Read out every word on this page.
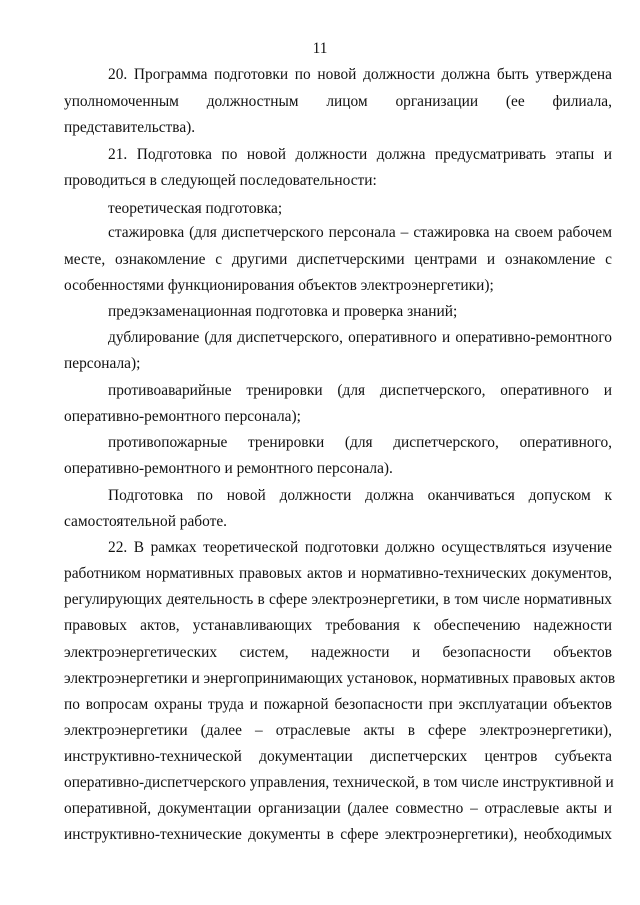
11
20. Программа подготовки по новой должности должна быть утверждена
уполномоченным должностным лицом организации (ее филиала,
представительства).
21. Подготовка по новой должности должна предусматривать этапы и
проводиться в следующей последовательности:
теоретическая подготовка;
стажировка (для диспетчерского персонала – стажировка на своем рабочем
месте, ознакомление с другими диспетчерскими центрами и ознакомление с
особенностями функционирования объектов электроэнергетики);
предэкзаменационная подготовка и проверка знаний;
дублирование (для диспетчерского, оперативного и оперативно-ремонтного
персонала);
противоаварийные тренировки (для диспетчерского, оперативного и
оперативно-ремонтного персонала);
противопожарные тренировки (для диспетчерского, оперативного,
оперативно-ремонтного и ремонтного персонала).
Подготовка по новой должности должна оканчиваться допуском к
самостоятельной работе.
22. В рамках теоретической подготовки должно осуществляться изучение
работником нормативных правовых актов и нормативно-технических документов,
регулирующих деятельность в сфере электроэнергетики, в том числе нормативных
правовых актов, устанавливающих требования к обеспечению надежности
электроэнергетических систем, надежности и безопасности объектов
электроэнергетики и энергопринимающих установок, нормативных правовых актов
по вопросам охраны труда и пожарной безопасности при эксплуатации объектов
электроэнергетики (далее – отраслевые акты в сфере электроэнергетики),
инструктивно-технической документации диспетчерских центров субъекта
оперативно-диспетчерского управления, технической, в том числе инструктивной и
оперативной, документации организации (далее совместно – отраслевые акты и
инструктивно-технические документы в сфере электроэнергетики), необходимых
